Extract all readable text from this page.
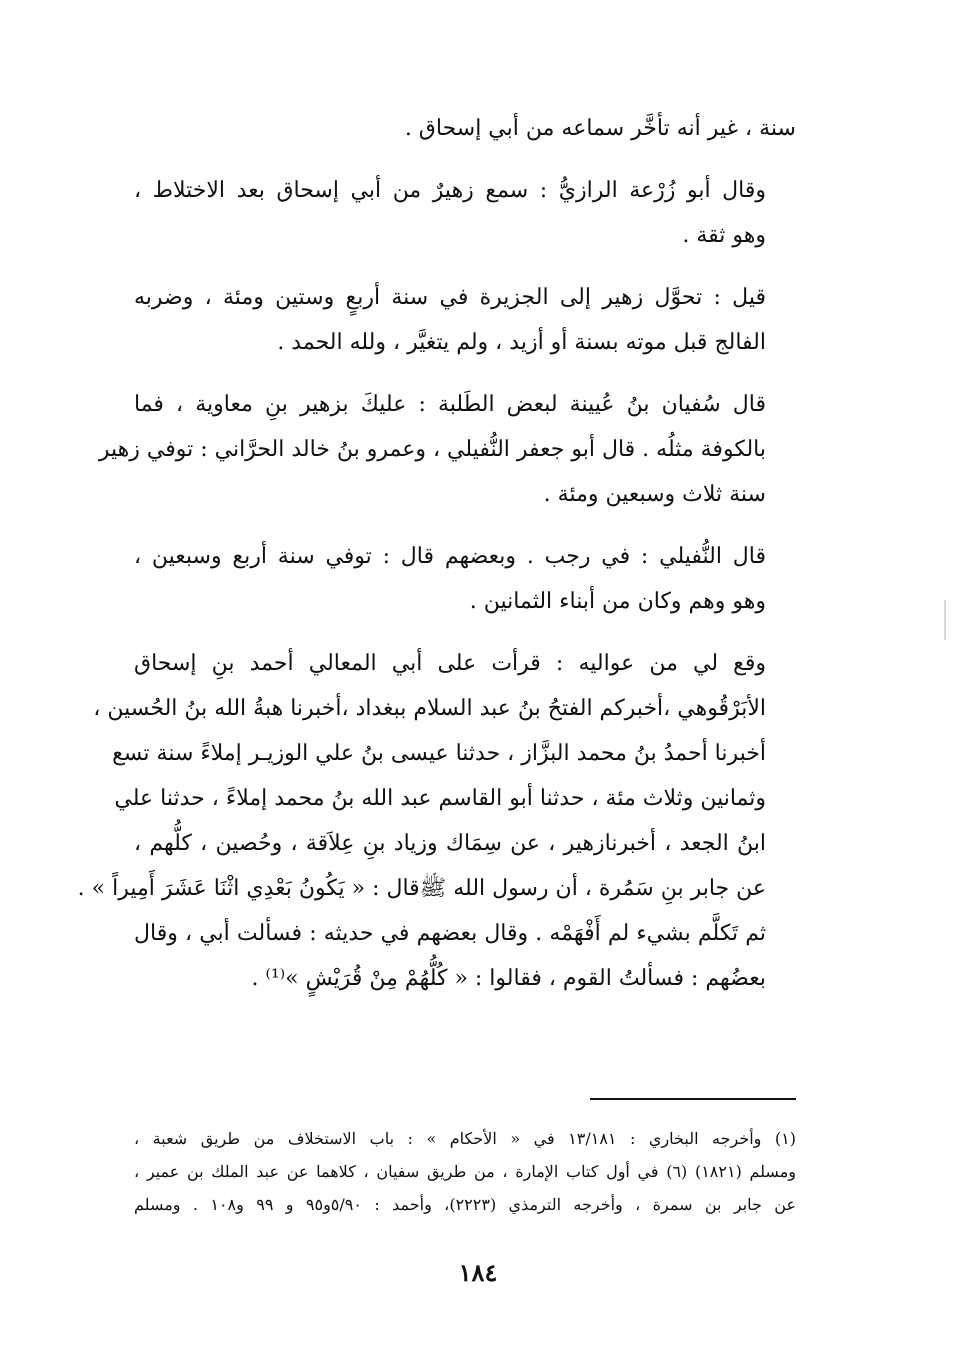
سنة ، غير أنه تأخَّر سماعه من أبي إسحاق .

وقال أبو زُرْعة الرازيُّ : سمع زهيرٌ من أبي إسحاق بعد الاختلاط ،
وهو ثقة .

قيل : تحوَّل زهير إلى الجزيرة في سنة أربعٍ وستين ومئة ، وضربه
الفالج قبل موته بسنة أو أزيد ، ولم يتغيَّر ، ولله الحمد .

قال سُفيان بنُ عُيينة لبعض الطَلبة : عليكَ بزهير بنِ معاوية ، فما
بالكوفة مثلُه . قال أبو جعفر النُّفيلي ، وعمرو بنُ خالد الحرَّاني : توفي زهير
سنة ثلاث وسبعين ومئة .

قال النُّفيلي : في رجب . وبعضهم قال : توفي سنة أربع وسبعين ،
وهو وهم وكان من أبناء الثمانين .

وقع لي من عواليه : قرأت على أبي المعالي أحمد بنِ إسحاق
الأبَرْقُوهي ،أخبركم الفتحُ بنُ عبد السلام ببغداد ،أخبرنا هبةُ الله بنُ الحُسين ،
أخبرنا أحمدُ بنُ محمد البزَّاز ، حدثنا عيسى بنُ علي الوزيـر إملاءً سنة تسع
وثمانين وثلاث مئة ، حدثنا أبو القاسم عبد الله بنُ محمد إملاءً ، حدثنا علي
ابنُ الجعد ، أخبرنازهير ، عن سِمَاك وزياد بنِ عِلاَقة ، وحُصين ، كلُّهم ،
عن جابر بنِ سَمُرة ، أن رسول الله ﷺقال : « يَكُونُ بَعْدِي اثْنَا عَشَرَ أَمِيراً » .
ثم تَكلَّم بشيء لم أَفْهَمْه . وقال بعضهم في حديثه : فسألت أبي ، وقال
بعضُهم : فسألتُ القوم ، فقالوا : « كُلُّهُمْ مِنْ قُرَيْشٍ »⁽¹⁾ .

(١) وأخرجه البخاري : ١٣/١٨١ في « الأحكام » : باب الاستخلاف من طريق شعبة ،
ومسلم (١٨٢١) (٦) في أول كتاب الإمارة ، من طريق سفيان ، كلاهما عن عبد الملك بن عمير ،
عن جابر بن سمرة ، وأخرجه الترمذي (٢٢٢٣)، وأحمد : ٥/٩٠و٩٥ و ٩٩ و١٠٨ . ومسلم
١٨٤
